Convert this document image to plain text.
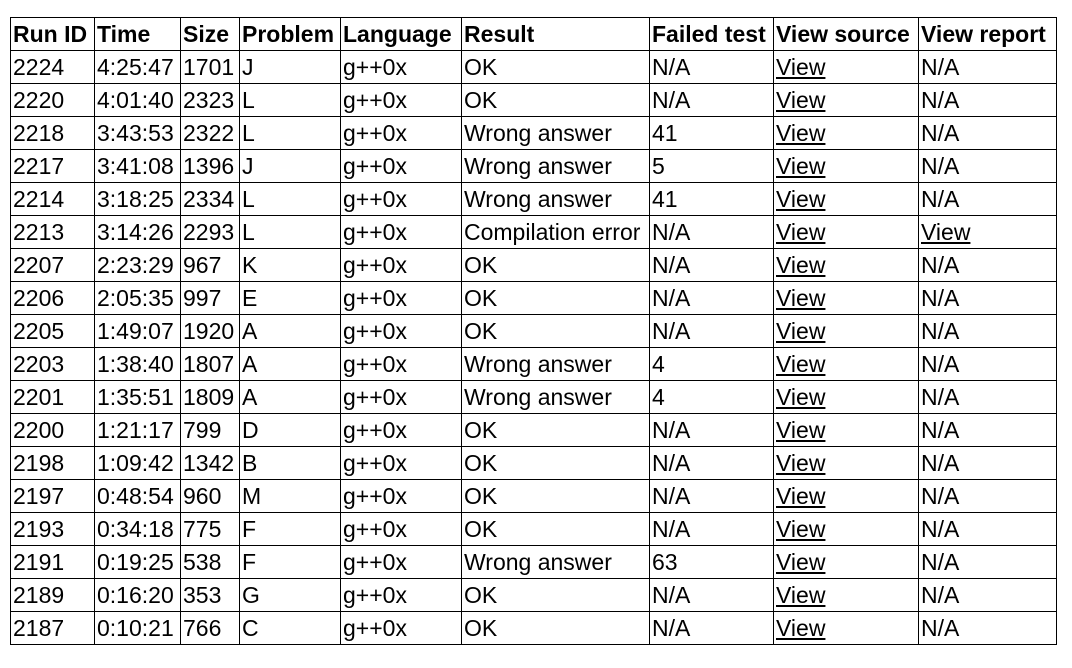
Run ID	Time	Size	Problem	Language	Result	Failed test	View source	View report
2224	4:25:47	1701	J	g++0x	OK	N/A	View	N/A
2220	4:01:40	2323	L	g++0x	OK	N/A	View	N/A
2218	3:43:53	2322	L	g++0x	Wrong answer	41	View	N/A
2217	3:41:08	1396	J	g++0x	Wrong answer	5	View	N/A
2214	3:18:25	2334	L	g++0x	Wrong answer	41	View	N/A
2213	3:14:26	2293	L	g++0x	Compilation error	N/A	View	View
2207	2:23:29	967	K	g++0x	OK	N/A	View	N/A
2206	2:05:35	997	E	g++0x	OK	N/A	View	N/A
2205	1:49:07	1920	A	g++0x	OK	N/A	View	N/A
2203	1:38:40	1807	A	g++0x	Wrong answer	4	View	N/A
2201	1:35:51	1809	A	g++0x	Wrong answer	4	View	N/A
2200	1:21:17	799	D	g++0x	OK	N/A	View	N/A
2198	1:09:42	1342	B	g++0x	OK	N/A	View	N/A
2197	0:48:54	960	M	g++0x	OK	N/A	View	N/A
2193	0:34:18	775	F	g++0x	OK	N/A	View	N/A
2191	0:19:25	538	F	g++0x	Wrong answer	63	View	N/A
2189	0:16:20	353	G	g++0x	OK	N/A	View	N/A
2187	0:10:21	766	C	g++0x	OK	N/A	View	N/A
